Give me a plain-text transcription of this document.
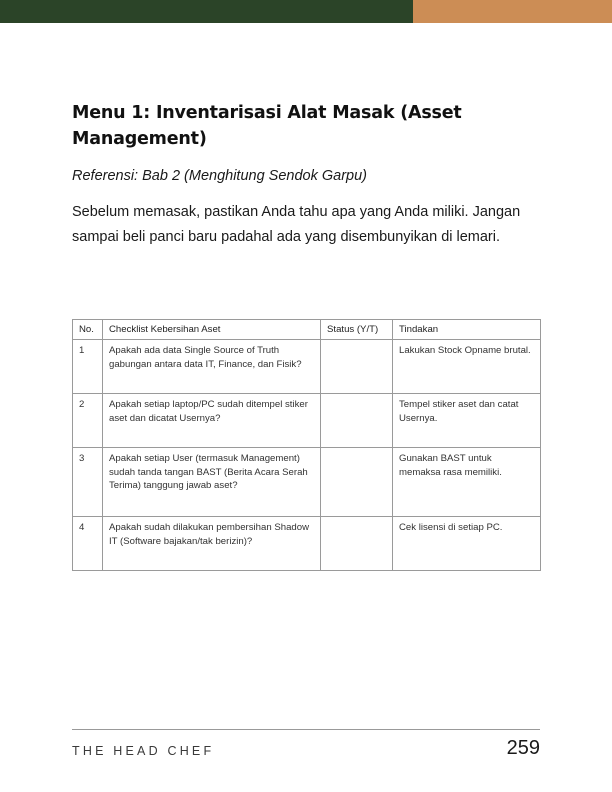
Menu 1: Inventarisasi Alat Masak (Asset Management)

Referensi: Bab 2 (Menghitung Sendok Garpu)

Sebelum memasak, pastikan Anda tahu apa yang Anda miliki. Jangan sampai beli panci baru padahal ada yang disembunyikan di lemari.

No.	Checklist Kebersihan Aset	Status (Y/T)	Tindakan
1	Apakah ada data Single Source of Truth gabungan antara data IT, Finance, dan Fisik?		Lakukan Stock Opname brutal.
2	Apakah setiap laptop/PC sudah ditempel stiker aset dan dicatat Usernya?		Tempel stiker aset dan catat Usernya.
3	Apakah setiap User (termasuk Management) sudah tanda tangan BAST (Berita Acara Serah Terima) tanggung jawab aset?		Gunakan BAST untuk memaksa rasa memiliki.
4	Apakah sudah dilakukan pembersihan Shadow IT (Software bajakan/tak berizin)?		Cek lisensi di setiap PC.
THE HEAD CHEF	259
